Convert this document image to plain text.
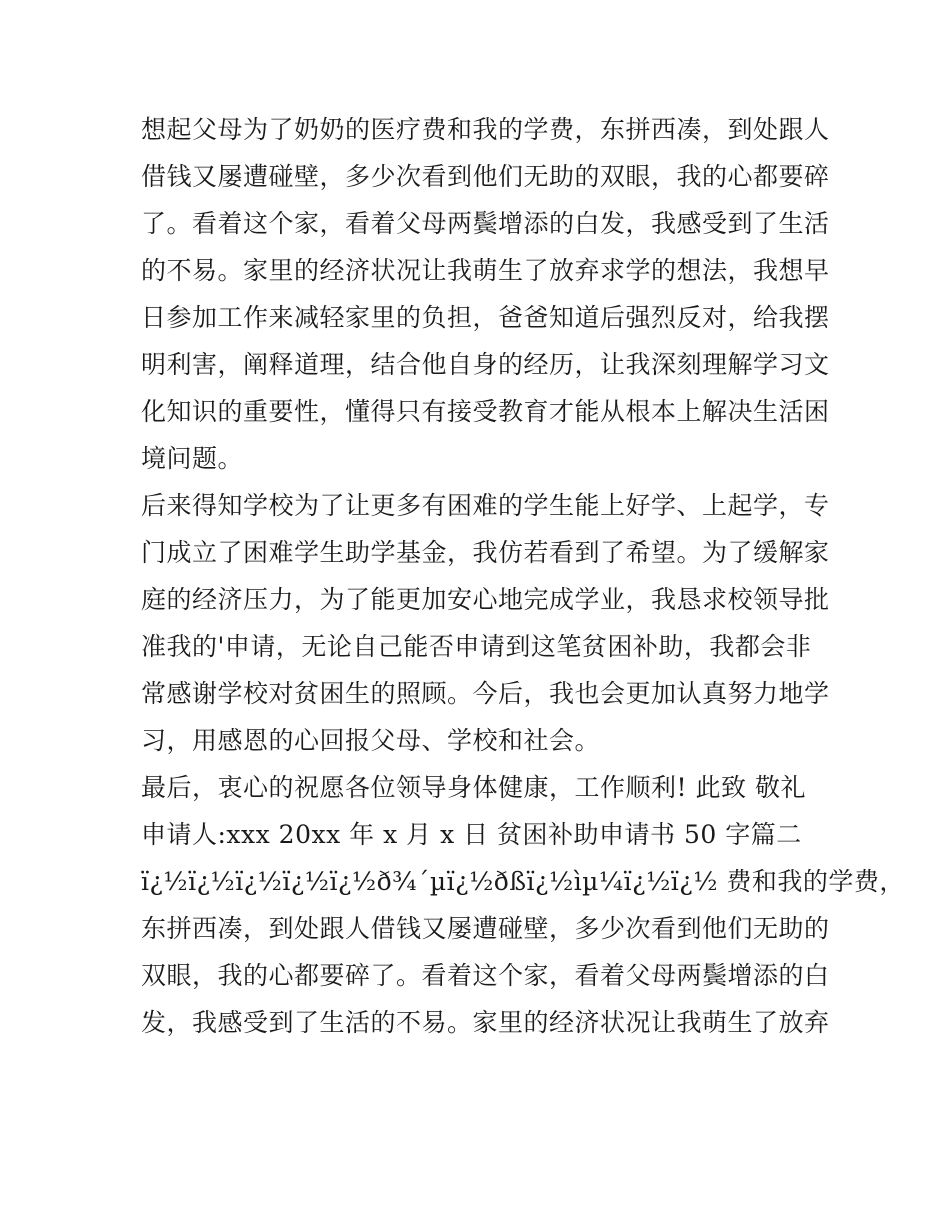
想起父母为了奶奶的医疗费和我的学费，东拼西凑，到处跟人
借钱又屡遭碰壁，多少次看到他们无助的双眼，我的心都要碎
了。看着这个家，看着父母两鬓增添的白发，我感受到了生活
的不易。家里的经济状况让我萌生了放弃求学的想法，我想早
日参加工作来减轻家里的负担，爸爸知道后强烈反对，给我摆
明利害，阐释道理，结合他自身的经历，让我深刻理解学习文
化知识的重要性，懂得只有接受教育才能从根本上解决生活困
境问题。
后来得知学校为了让更多有困难的学生能上好学、上起学，专
门成立了困难学生助学基金，我仿若看到了希望。为了缓解家
庭的经济压力，为了能更加安心地完成学业，我恳求校领导批
准我的'申请，无论自己能否申请到这笔贫困补助，我都会非
常感谢学校对贫困生的照顾。今后，我也会更加认真努力地学
习，用感恩的心回报父母、学校和社会。
最后，衷心的祝愿各位领导身体健康，工作顺利! 此致 敬礼
申请人:xxx 20xx 年 x 月 x 日 贫困补助申请书 50 字篇二
ï¿½ï¿½ï¿½ï¿½ï¿½ð¾´µï¿½ðßï¿½ìµ¼ï¿½ï¿½ 费和我的学费，
东拼西凑，到处跟人借钱又屡遭碰壁，多少次看到他们无助的
双眼，我的心都要碎了。看着这个家，看着父母两鬓增添的白
发，我感受到了生活的不易。家里的经济状况让我萌生了放弃
